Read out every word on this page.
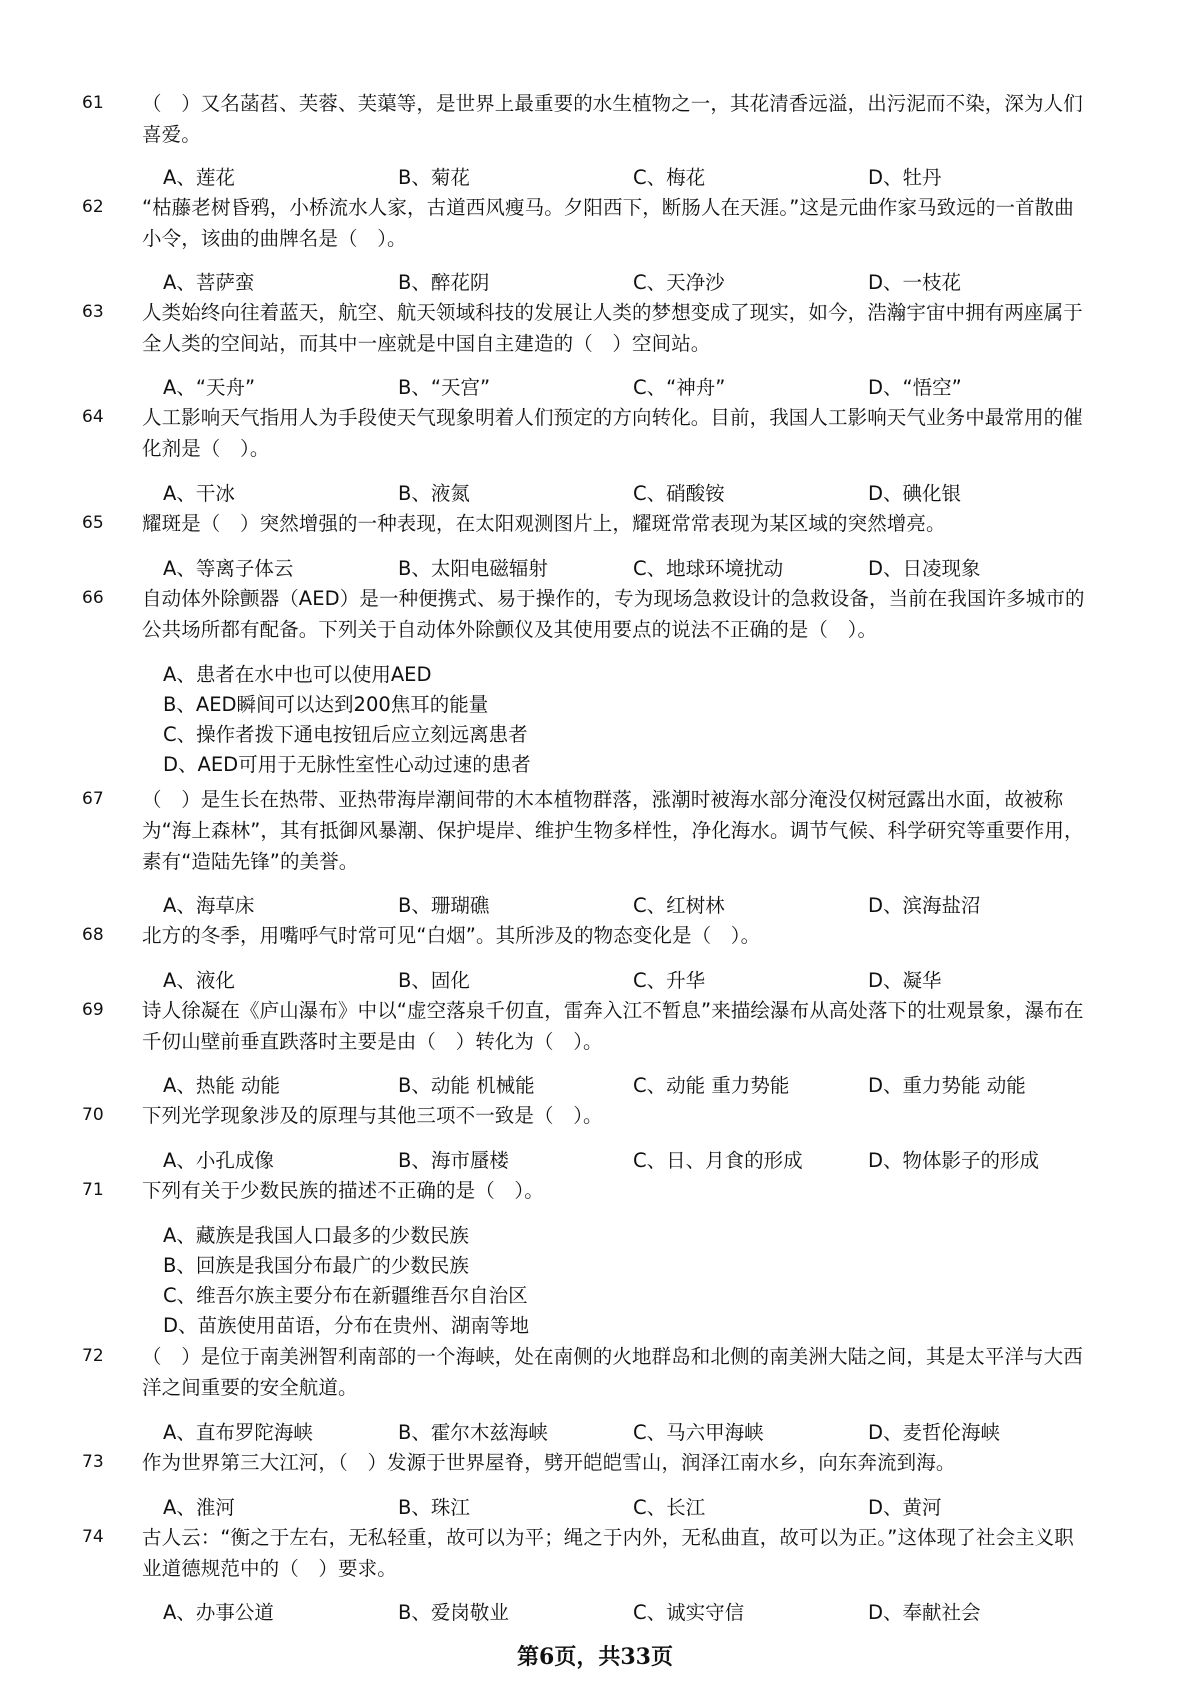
61	（　）又名菡萏、芙蓉、芙蕖等，是世界上最重要的水生植物之一，其花清香远溢，出污泥而不染，深为人们喜爱。
A、莲花	B、菊花	C、梅花	D、牡丹
62	“枯藤老树昏鸦，小桥流水人家，古道西风瘦马。夕阳西下，断肠人在天涯。”这是元曲作家马致远的一首散曲小令，该曲的曲牌名是（　）。
A、菩萨蛮	B、醉花阴	C、天净沙	D、一枝花
63	人类始终向往着蓝天，航空、航天领域科技的发展让人类的梦想变成了现实，如今，浩瀚宇宙中拥有两座属于全人类的空间站，而其中一座就是中国自主建造的（　）空间站。
A、“天舟”	B、“天宫”	C、“神舟”	D、“悟空”
64	人工影响天气指用人为手段使天气现象明着人们预定的方向转化。目前，我国人工影响天气业务中最常用的催化剂是（　）。
A、干冰	B、液氮	C、硝酸铵	D、碘化银
65	耀斑是（　）突然增强的一种表现，在太阳观测图片上，耀斑常常表现为某区域的突然增亮。
A、等离子体云	B、太阳电磁辐射	C、地球环境扰动	D、日凌现象
66	自动体外除颤器（AED）是一种便携式、易于操作的，专为现场急救设计的急救设备，当前在我国许多城市的公共场所都有配备。下列关于自动体外除颤仪及其使用要点的说法不正确的是（　）。
A、患者在水中也可以使用AED
B、AED瞬间可以达到200焦耳的能量
C、操作者拨下通电按钮后应立刻远离患者
D、AED可用于无脉性室性心动过速的患者
67	（　）是生长在热带、亚热带海岸潮间带的木本植物群落，涨潮时被海水部分淹没仅树冠露出水面，故被称为“海上森林”，其有抵御风暴潮、保护堤岸、维护生物多样性，净化海水。调节气候、科学研究等重要作用，素有“造陆先锋”的美誉。
A、海草床	B、珊瑚礁	C、红树林	D、滨海盐沼
68	北方的冬季，用嘴呼气时常可见“白烟”。其所涉及的物态变化是（　）。
A、液化	B、固化	C、升华	D、凝华
69	诗人徐凝在《庐山瀑布》中以“虚空落泉千仞直，雷奔入江不暂息”来描绘瀑布从高处落下的壮观景象，瀑布在千仞山壁前垂直跌落时主要是由（　）转化为（　）。
A、热能 动能	B、动能 机械能	C、动能 重力势能	D、重力势能 动能
70	下列光学现象涉及的原理与其他三项不一致是（　）。
A、小孔成像	B、海市蜃楼	C、日、月食的形成	D、物体影子的形成
71	下列有关于少数民族的描述不正确的是（　）。
A、藏族是我国人口最多的少数民族
B、回族是我国分布最广的少数民族
C、维吾尔族主要分布在新疆维吾尔自治区
D、苗族使用苗语，分布在贵州、湖南等地
72	（　）是位于南美洲智利南部的一个海峡，处在南侧的火地群岛和北侧的南美洲大陆之间，其是太平洋与大西洋之间重要的安全航道。
A、直布罗陀海峡	B、霍尔木兹海峡	C、马六甲海峡	D、麦哲伦海峡
73	作为世界第三大江河，（　）发源于世界屋脊，劈开皑皑雪山，润泽江南水乡，向东奔流到海。
A、淮河	B、珠江	C、长江	D、黄河
74	古人云：“衡之于左右，无私轻重，故可以为平；绳之于内外，无私曲直，故可以为正。”这体现了社会主义职业道德规范中的（　）要求。
A、办事公道	B、爱岗敬业	C、诚实守信	D、奉献社会
第6页，共33页
